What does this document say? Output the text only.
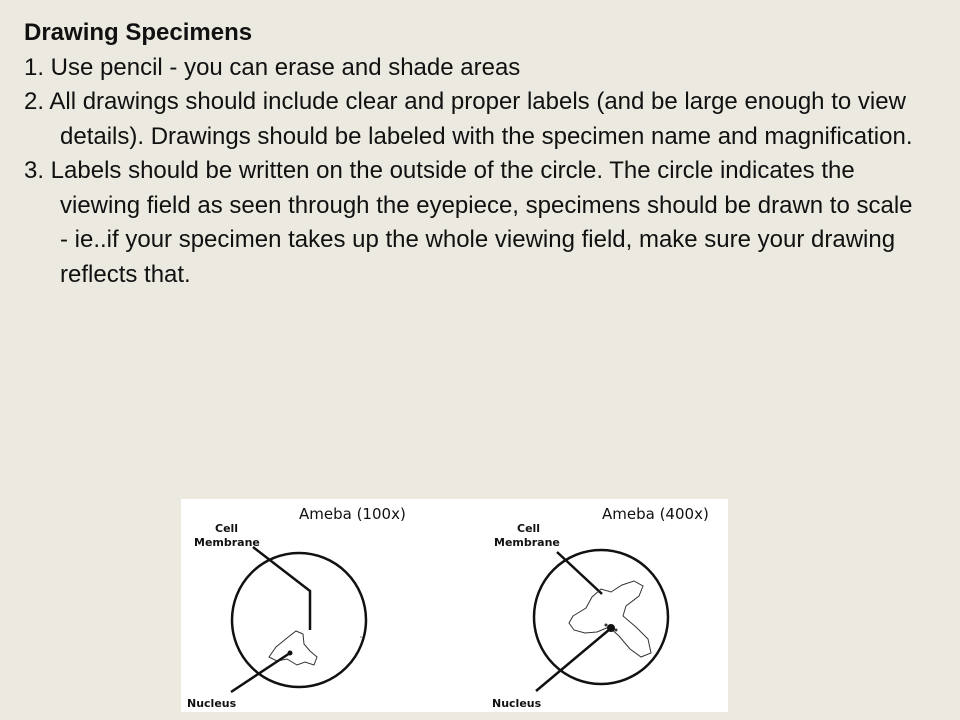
Drawing Specimens

1. Use pencil - you can erase and shade areas

2. All drawings should include clear and proper labels (and be large enough to view details). Drawings should be labeled with the specimen name and magnification.

3. Labels should be written on the outside of the circle. The circle indicates the viewing field as seen through the eyepiece, specimens should be drawn to scale - ie..if your specimen takes up the whole viewing field, make sure your drawing reflects that.

Ameba (100x)
Cell
Membrane
Nucleus
Ameba (400x)
Cell
Membrane
Nucleus
